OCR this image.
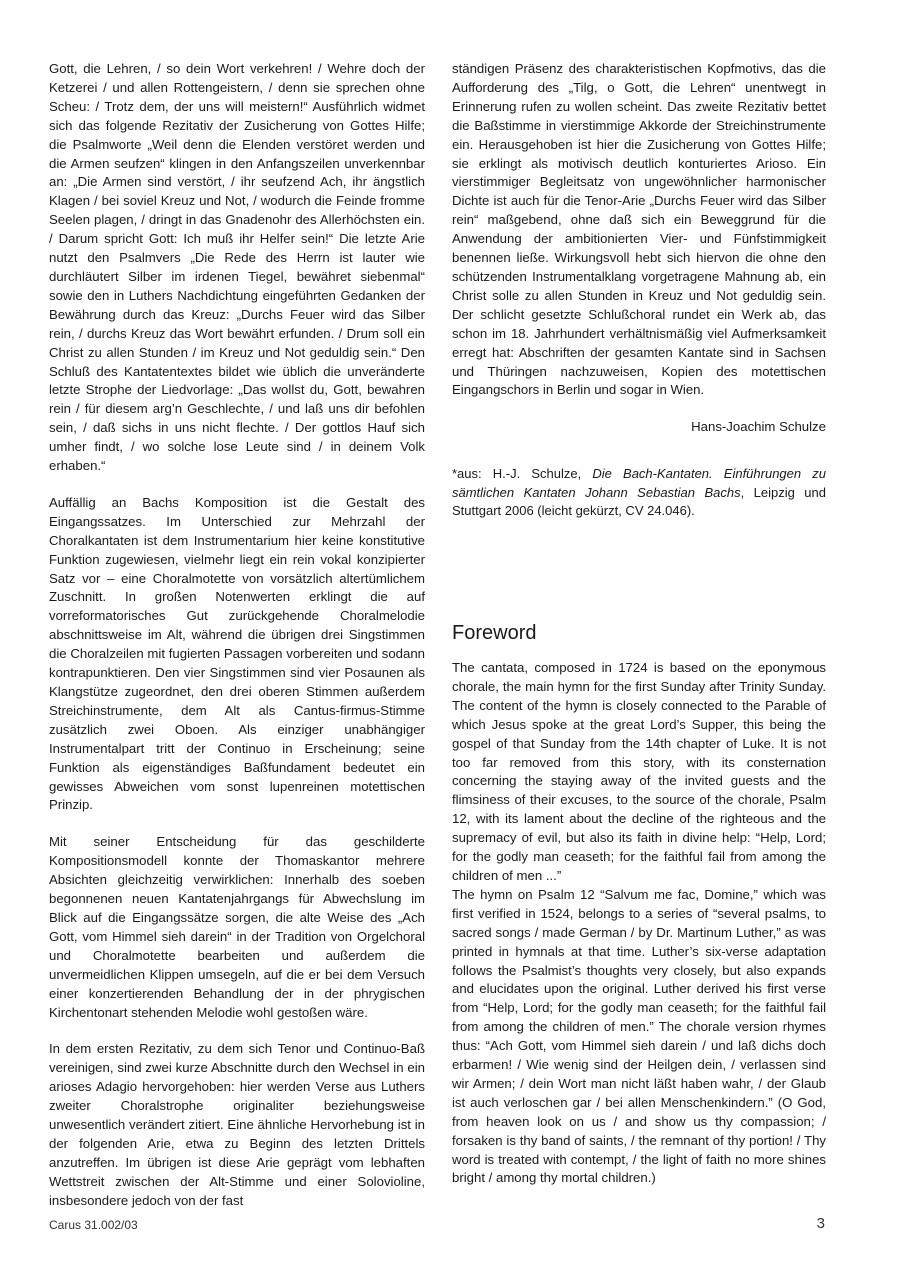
Gott, die Lehren, / so dein Wort verkehren! / Wehre doch der Ketzerei / und allen Rottengeistern, / denn sie sprechen ohne Scheu: / Trotz dem, der uns will meistern!“ Ausführlich widmet sich das folgende Rezitativ der Zusicherung von Gottes Hilfe; die Psalmworte „Weil denn die Elenden verstöret werden und die Armen seufzen“ klingen in den Anfangszeilen unverkennbar an: „Die Armen sind verstört, / ihr seufzend Ach, ihr ängstlich Klagen / bei soviel Kreuz und Not, / wodurch die Feinde fromme Seelen plagen, / dringt in das Gnadenohr des Allerhöchsten ein. / Darum spricht Gott: Ich muß ihr Helfer sein!“ Die letzte Arie nutzt den Psalmvers „Die Rede des Herrn ist lauter wie durchläutert Silber im irdenen Tiegel, bewähret siebenmal“ sowie den in Luthers Nachdichtung eingeführten Gedanken der Bewährung durch das Kreuz: „Durchs Feuer wird das Silber rein, / durchs Kreuz das Wort bewährt erfunden. / Drum soll ein Christ zu allen Stunden / im Kreuz und Not geduldig sein.“ Den Schluß des Kantatentextes bildet wie üblich die unveränderte letzte Strophe der Liedvorlage: „Das wollst du, Gott, bewahren rein / für diesem arg’n Geschlechte, / und laß uns dir befohlen sein, / daß sichs in uns nicht flechte. / Der gottlos Hauf sich umher findt, / wo solche lose Leute sind / in deinem Volk erhaben.“

Auffällig an Bachs Komposition ist die Gestalt des Eingangssatzes. Im Unterschied zur Mehrzahl der Choralkantaten ist dem Instrumentarium hier keine konstitutive Funktion zugewiesen, vielmehr liegt ein rein vokal konzipierter Satz vor – eine Choralmotette von vorsätzlich altertümlichem Zuschnitt. In großen Notenwerten erklingt die auf vorreformatorisches Gut zurückgehende Choralmelodie abschnittsweise im Alt, während die übrigen drei Singstimmen die Choralzeilen mit fugierten Passagen vorbereiten und sodann kontrapunktieren. Den vier Singstimmen sind vier Posaunen als Klangstütze zugeordnet, den drei oberen Stimmen außerdem Streichinstrumente, dem Alt als Cantus-firmus-Stimme zusätzlich zwei Oboen. Als einziger unabhängiger Instrumentalpart tritt der Continuo in Erscheinung; seine Funktion als eigenständiges Baßfundament bedeutet ein gewisses Abweichen vom sonst lupenreinen motettischen Prinzip.

Mit seiner Entscheidung für das geschilderte Kompositionsmodell konnte der Thomaskantor mehrere Absichten gleichzeitig verwirklichen: Innerhalb des soeben begonnenen neuen Kantatenjahrgangs für Abwechslung im Blick auf die Eingangssätze sorgen, die alte Weise des „Ach Gott, vom Himmel sieh darein“ in der Tradition von Orgelchoral und Choralmotette bearbeiten und außerdem die unvermeidlichen Klippen umsegeln, auf die er bei dem Versuch einer konzertierenden Behandlung der in der phrygischen Kirchentonart stehenden Melodie wohl gestoßen wäre.

In dem ersten Rezitativ, zu dem sich Tenor und Continuo-Baß vereinigen, sind zwei kurze Abschnitte durch den Wechsel in ein arioses Adagio hervorgehoben: hier werden Verse aus Luthers zweiter Choralstrophe originaliter beziehungsweise unwesentlich verändert zitiert. Eine ähnliche Hervorhebung ist in der folgenden Arie, etwa zu Beginn des letzten Drittels anzutreffen. Im übrigen ist diese Arie geprägt vom lebhaften Wettstreit zwischen der Alt-Stimme und einer Solovioline, insbesondere jedoch von der fast

ständigen Präsenz des charakteristischen Kopfmotivs, das die Aufforderung des „Tilg, o Gott, die Lehren“ unentwegt in Erinnerung rufen zu wollen scheint. Das zweite Rezitativ bettet die Baßstimme in vierstimmige Akkorde der Streichinstrumente ein. Herausgehoben ist hier die Zusicherung von Gottes Hilfe; sie erklingt als motivisch deutlich konturiertes Arioso. Ein vierstimmiger Begleitsatz von ungewöhnlicher harmonischer Dichte ist auch für die Tenor-Arie „Durchs Feuer wird das Silber rein“ maßgebend, ohne daß sich ein Beweggrund für die Anwendung der ambitionierten Vier- und Fünfstimmigkeit benennen ließe. Wirkungsvoll hebt sich hiervon die ohne den schützenden Instrumentalklang vorgetragene Mahnung ab, ein Christ solle zu allen Stunden in Kreuz und Not geduldig sein. Der schlicht gesetzte Schlußchoral rundet ein Werk ab, das schon im 18. Jahrhundert verhältnismäßig viel Aufmerksamkeit erregt hat: Abschriften der gesamten Kantate sind in Sachsen und Thüringen nachzuweisen, Kopien des motettischen Eingangschors in Berlin und sogar in Wien.

Hans-Joachim Schulze

*aus: H.-J. Schulze, Die Bach-Kantaten. Einführungen zu sämtlichen Kantaten Johann Sebastian Bachs, Leipzig und Stuttgart 2006 (leicht gekürzt, CV 24.046).

Foreword

The cantata, composed in 1724 is based on the eponymous chorale, the main hymn for the first Sunday after Trinity Sunday. The content of the hymn is closely connected to the Parable of which Jesus spoke at the great Lord’s Supper, this being the gospel of that Sunday from the 14th chapter of Luke. It is not too far removed from this story, with its consternation concerning the staying away of the invited guests and the flimsiness of their excuses, to the source of the chorale, Psalm 12, with its lament about the decline of the righteous and the supremacy of evil, but also its faith in divine help: “Help, Lord; for the godly man ceaseth; for the faithful fail from among the children of men ...”

The hymn on Psalm 12 “Salvum me fac, Domine,” which was first verified in 1524, belongs to a series of “several psalms, to sacred songs / made German / by Dr. Martinum Luther,” as was printed in hymnals at that time. Luther’s six-verse adaptation follows the Psalmist’s thoughts very closely, but also expands and elucidates upon the original. Luther derived his first verse from “Help, Lord; for the godly man ceaseth; for the faithful fail from among the children of men.” The chorale version rhymes thus: “Ach Gott, vom Himmel sieh darein / und laß dichs doch erbarmen! / Wie wenig sind der Heilgen dein, / verlassen sind wir Armen; / dein Wort man nicht läßt haben wahr, / der Glaub ist auch verloschen gar / bei allen Menschenkindern.” (O God, from heaven look on us / and show us thy compassion; / forsaken is thy band of saints, / the remnant of thy portion! / Thy word is treated with contempt, / the light of faith no more shines bright / among thy mortal children.)

Carus 31.002/03	3
